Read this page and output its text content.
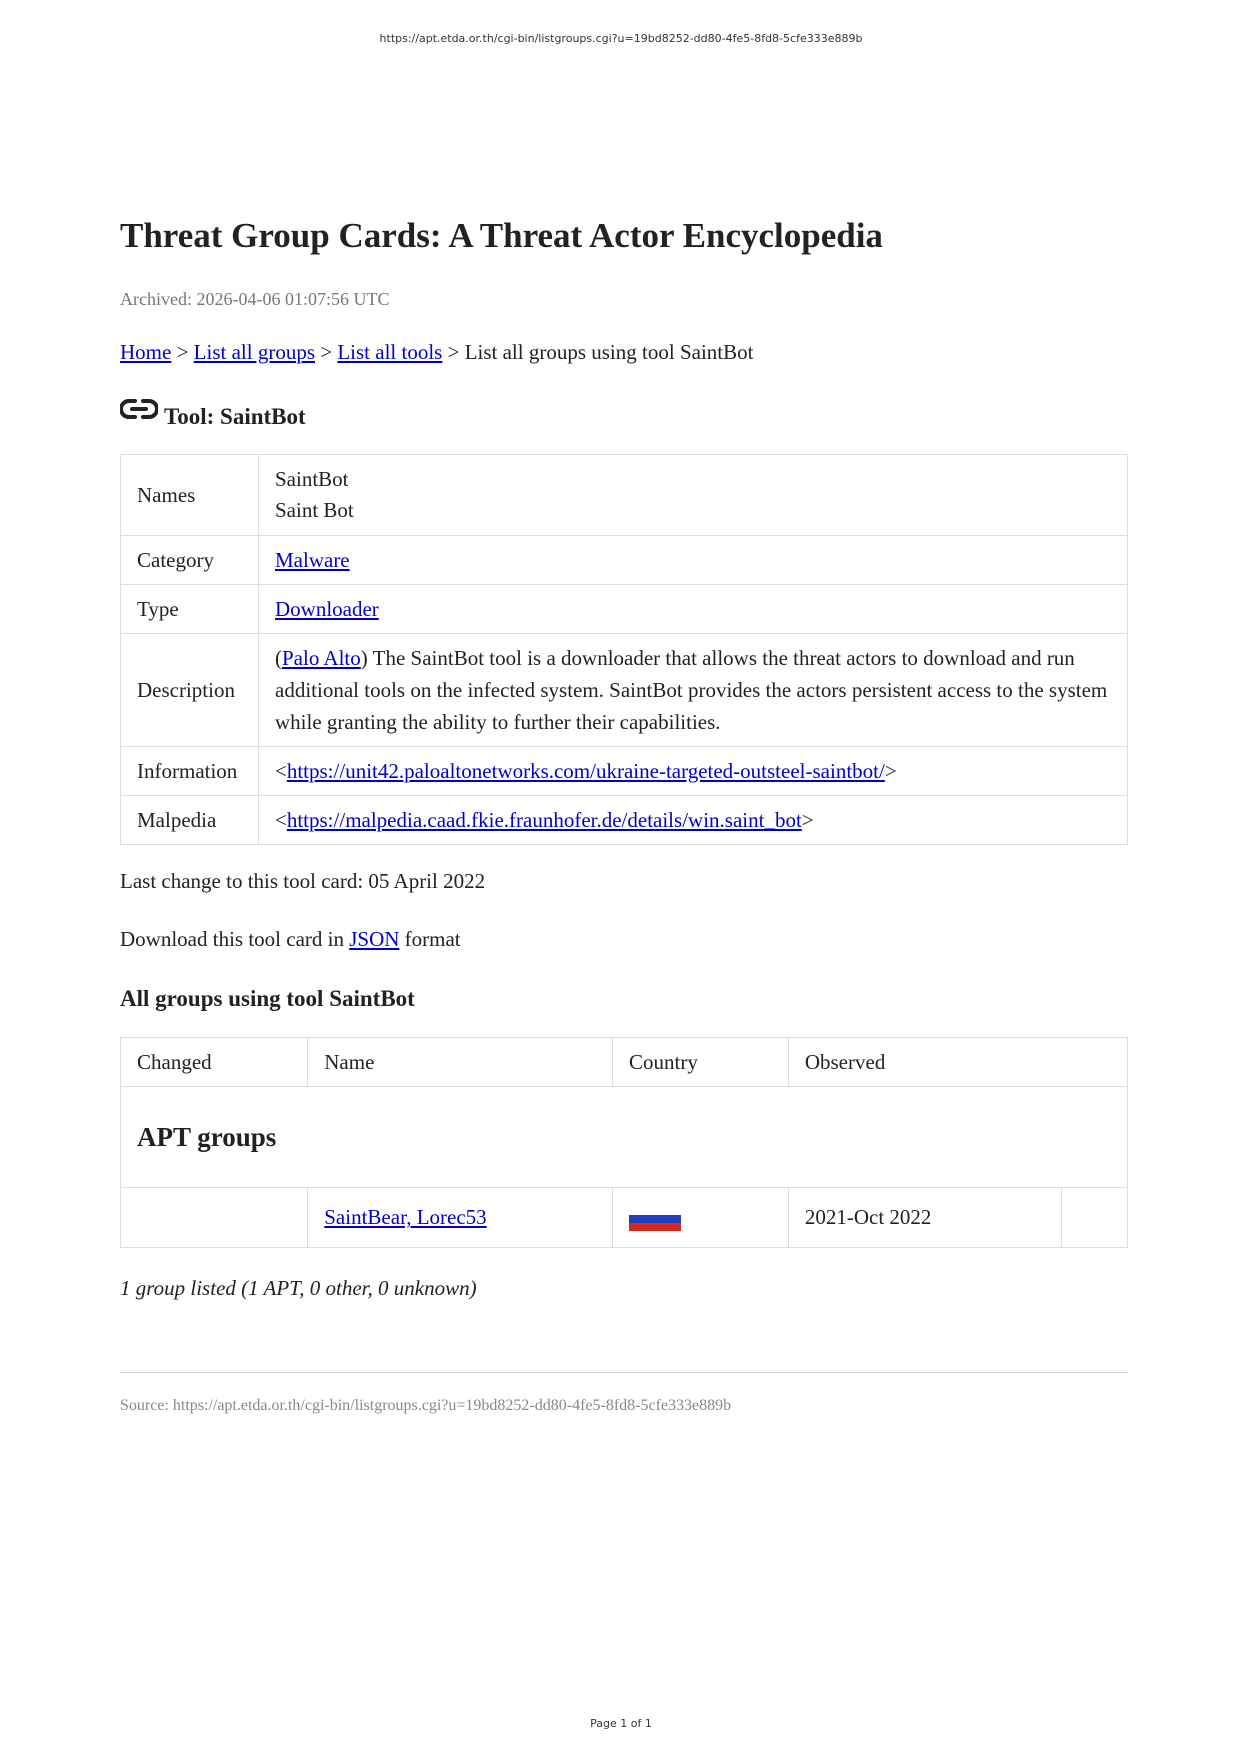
https://apt.etda.or.th/cgi-bin/listgroups.cgi?u=19bd8252-dd80-4fe5-8fd8-5cfe333e889b
Threat Group Cards: A Threat Actor Encyclopedia
Archived: 2026-04-06 01:07:56 UTC
Home > List all groups > List all tools > List all groups using tool SaintBot
Tool: SaintBot
Names	SaintBot
Saint Bot

Category	Malware
Type	Downloader
Description	(Palo Alto) The SaintBot tool is a downloader that allows the threat actors to download and run additional tools on the infected system. SaintBot provides the actors persistent access to the system while granting the ability to further their capabilities.
Information	<https://unit42.paloaltonetworks.com/ukraine-targeted-outsteel-saintbot/>
Malpedia	<https://malpedia.caad.fkie.fraunhofer.de/details/win.saint_bot>
Last change to this tool card: 05 April 2022
Download this tool card in JSON format
All groups using tool SaintBot
Changed	Name	Country	Observed	
APT groups				
	SaintBear, Lorec53		2021-Oct 2022	
1 group listed (1 APT, 0 other, 0 unknown)
Source: https://apt.etda.or.th/cgi-bin/listgroups.cgi?u=19bd8252-dd80-4fe5-8fd8-5cfe333e889b
Page 1 of 1
